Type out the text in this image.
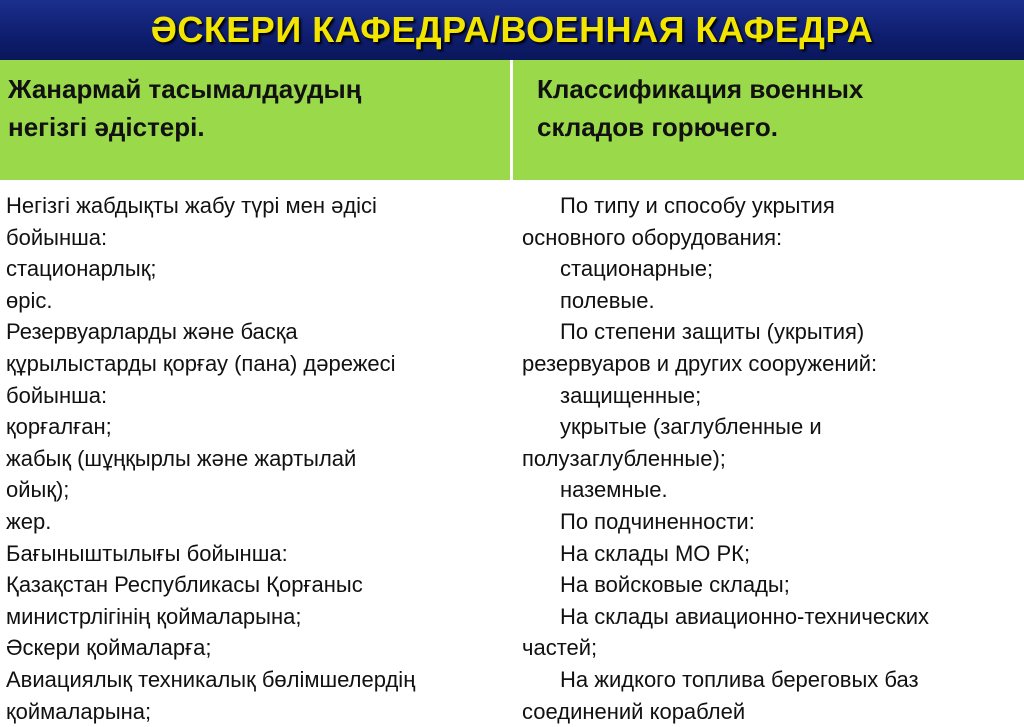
ӘСКЕРИ КАФЕДРА/ВОЕННАЯ КАФЕДРА
Жанармай тасымалдаудың
негізгі әдістері.
Классификация военных
складов горючего.
Негізгі жабдықты жабу түрі мен әдісі
бойынша:
стационарлық;
өріс.
Резервуарларды және басқа
құрылыстарды қорғау (пана) дәрежесі
бойынша:
қорғалған;
жабық (шұңқырлы және жартылай
ойық);
жер.
Бағыныштылығы бойынша:
Қазақстан Республикасы Қорғаныс
министрлігінің қоймаларына;
Әскери қоймаларға;
Авиациялық техникалық бөлімшелердің
қоймаларына;
По типу и способу укрытия
основного оборудования:
стационарные;
полевые.
По степени защиты (укрытия)
резервуаров и других сооружений:
защищенные;
укрытые (заглубленные и
полузаглубленные);
наземные.
По подчиненности:
На склады МО РК;
На войсковые склады;
На склады авиационно-технических
частей;
На жидкого топлива береговых баз
соединений кораблей
